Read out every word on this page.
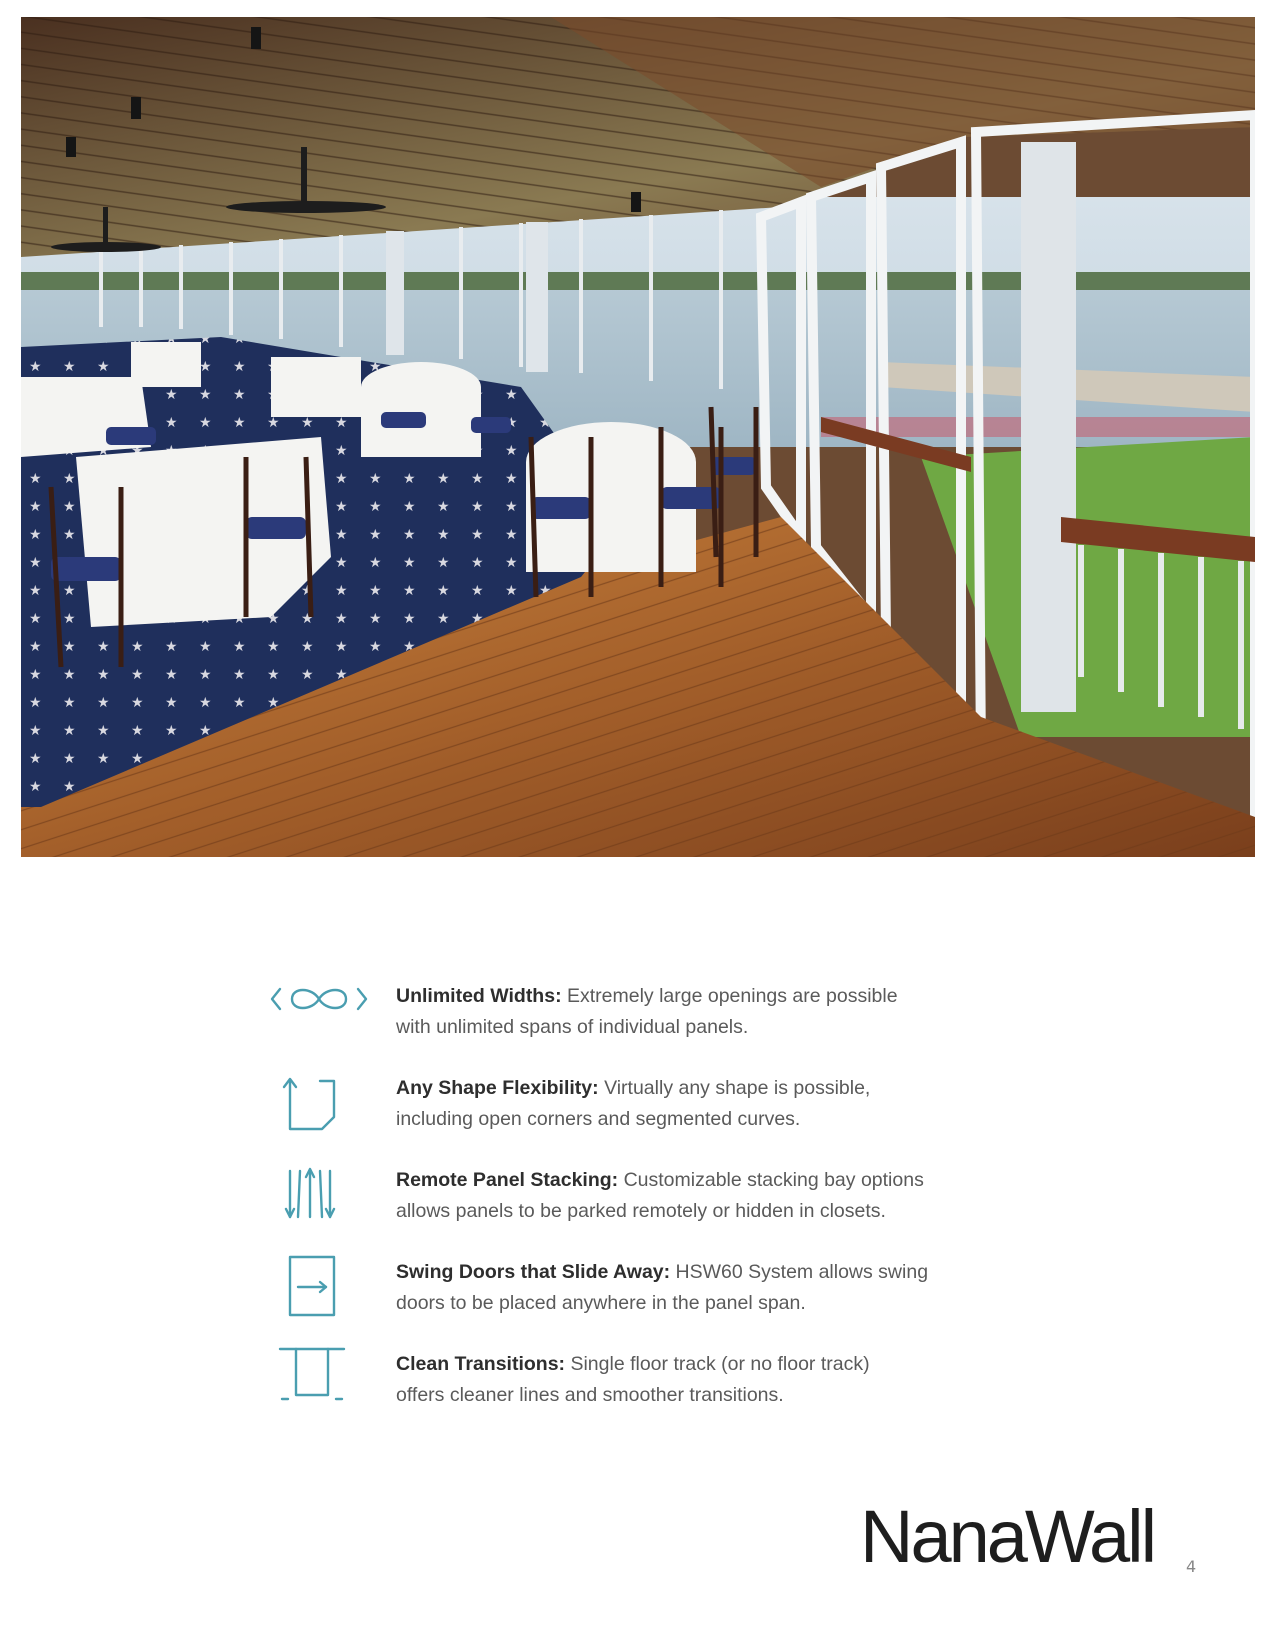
Unlimited Widths: Extremely large openings are possible
with unlimited spans of individual panels.
Any Shape Flexibility: Virtually any shape is possible,
including open corners and segmented curves.
Remote Panel Stacking: Customizable stacking bay options
allows panels to be parked remotely or hidden in closets.
Swing Doors that Slide Away: HSW60 System allows swing
doors to be placed anywhere in the panel span.
Clean Transitions: Single floor track (or no floor track)
offers cleaner lines and smoother transitions.
NanaWall 4
